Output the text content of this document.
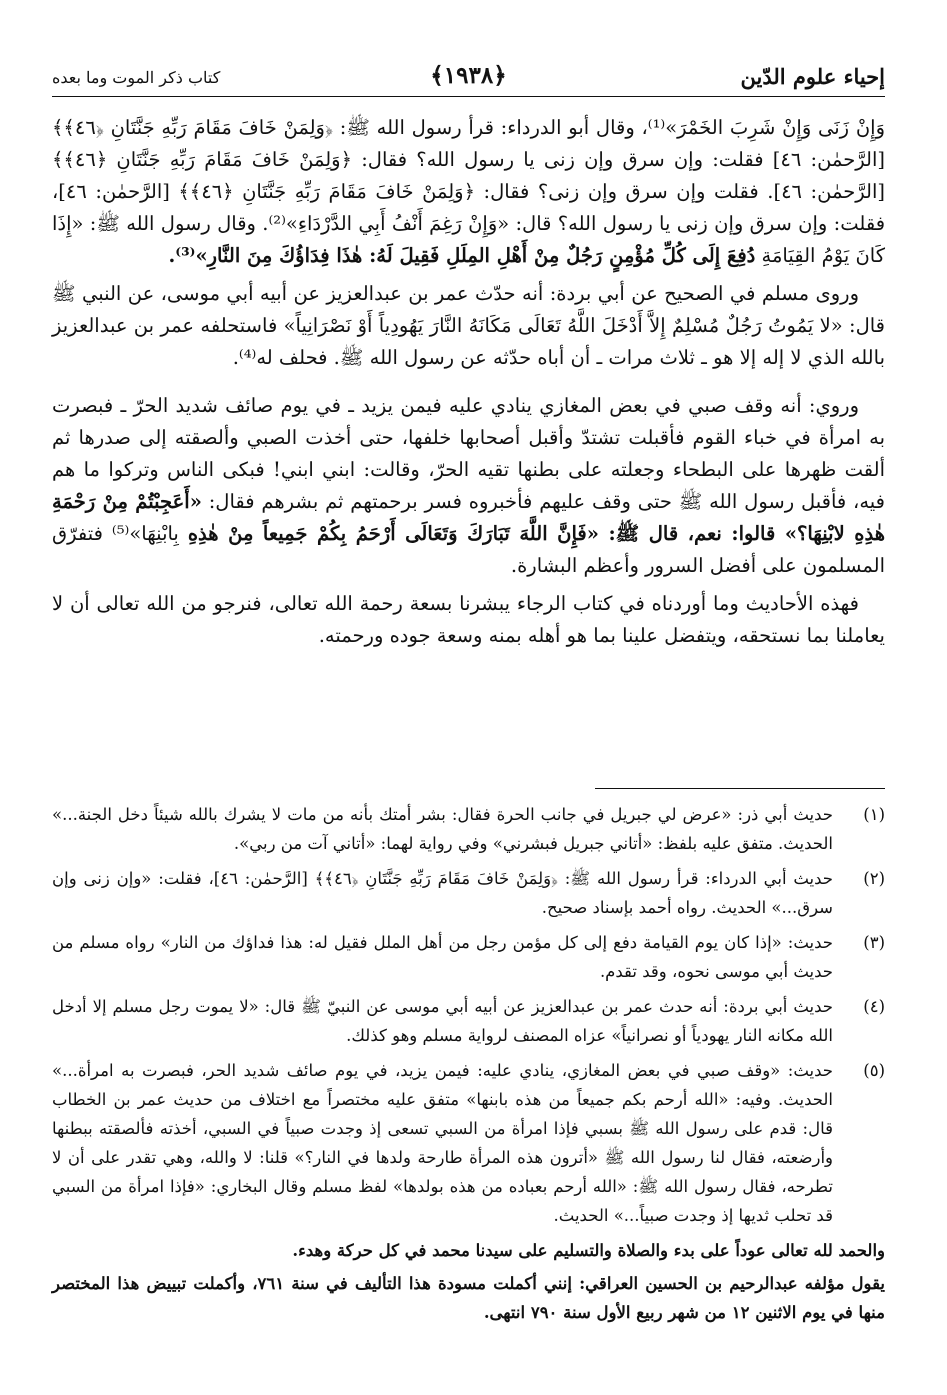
إحياء علوم الدّين
﴿١٩٣٨﴾
كتاب ذكر الموت وما بعده

وَإِنْ زَنَى وَإِنْ شَرِبَ الخَمْرَ»⁽¹⁾، وقال أبو الدرداء: قرأ رسول الله ﷺ: ﴿وَلِمَنْ خَافَ مَقَامَ رَبِّهِ جَنَّتَانِ ﴿٤٦﴾﴾ [الرَّحمٰن: ٤٦] فقلت: وإن سرق وإن زنى يا رسول الله؟ فقال: ﴿وَلِمَنْ خَافَ مَقَامَ رَبِّهِ جَنَّتَانِ ﴿٤٦﴾﴾ [الرَّحمٰن: ٤٦]. فقلت وإن سرق وإن زنى؟ فقال: ﴿وَلِمَنْ خَافَ مَقَامَ رَبِّهِ جَنَّتَانِ ﴿٤٦﴾﴾ [الرَّحمٰن: ٤٦]، فقلت: وإن سرق وإن زنى يا رسول الله؟ قال: «وَإِنْ رَغِمَ أَنْفُ أَبِي الدَّرْدَاءِ»⁽²⁾. وقال رسول الله ﷺ: «إِذَا كَانَ يَوْمُ القِيَامَةِ دُفِعَ إِلَى كُلِّ مُؤْمِنٍ رَجُلٌ مِنْ أَهْلِ المِلَلِ فَقِيلَ لَهُ: هٰذَا فِدَاؤُكَ مِنَ النَّارِ»⁽³⁾.

وروى مسلم في الصحيح عن أبي بردة: أنه حدّث عمر بن عبدالعزيز عن أبيه أبي موسى، عن النبي ﷺ قال: «لا يَمُوتُ رَجُلٌ مُسْلِمٌ إِلاَّ أَدْخَلَ اللَّهُ تَعَالَى مَكَانَهُ النَّارَ يَهُودِياً أَوْ نَصْرَانِياً» فاستحلفه عمر بن عبدالعزيز بالله الذي لا إله إلا هو ـ ثلاث مرات ـ أن أباه حدّثه عن رسول الله ﷺ. فحلف له⁽⁴⁾.

وروي: أنه وقف صبي في بعض المغازي ينادي عليه فيمن يزيد ـ في يوم صائف شديد الحرّ ـ فبصرت به امرأة في خباء القوم فأقبلت تشتدّ وأقبل أصحابها خلفها، حتى أخذت الصبي وألصقته إلى صدرها ثم ألقت ظهرها على البطحاء وجعلته على بطنها تقيه الحرّ، وقالت: ابني ابني! فبكى الناس وتركوا ما هم فيه، فأقبل رسول الله ﷺ حتى وقف عليهم فأخبروه فسر برحمتهم ثم بشرهم فقال: «أَعَجِبْتُمْ مِنْ رَحْمَةِ هٰذِهِ لابْنِهَا؟» قالوا: نعم، قال ﷺ: «فَإِنَّ اللَّهَ تَبَارَكَ وَتَعَالَى أَرْحَمُ بِكُمْ جَمِيعاً مِنْ هٰذِهِ بِابْنِهَا»⁽⁵⁾ فتفرّق المسلمون على أفضل السرور وأعظم البشارة.

فهذه الأحاديث وما أوردناه في كتاب الرجاء يبشرنا بسعة رحمة الله تعالى، فنرجو من الله تعالى أن لا يعاملنا بما نستحقه، ويتفضل علينا بما هو أهله بمنه وسعة جوده ورحمته.

(١)
حديث أبي ذر: «عرض لي جبريل في جانب الحرة فقال: بشر أمتك بأنه من مات لا يشرك بالله شيئاً دخل الجنة...» الحديث. متفق عليه بلفظ: «أتاني جبريل فبشرني» وفي رواية لهما: «أتاني آت من ربي».
(٢)
حديث أبي الدرداء: قرأ رسول الله ﷺ: ﴿وَلِمَنْ خَافَ مَقَامَ رَبِّهِ جَنَّتَانِ ﴿٤٦﴾﴾ [الرَّحمٰن: ٤٦]، فقلت: «وإن زنى وإن سرق...» الحديث. رواه أحمد بإسناد صحيح.
(٣)
حديث: «إذا كان يوم القيامة دفع إلى كل مؤمن رجل من أهل الملل فقيل له: هذا فداؤك من النار» رواه مسلم من حديث أبي موسى نحوه، وقد تقدم.
(٤)
حديث أبي بردة: أنه حدث عمر بن عبدالعزيز عن أبيه أبي موسى عن النبيّ ﷺ قال: «لا يموت رجل مسلم إلا أدخل الله مكانه النار يهودياً أو نصرانياً» عزاه المصنف لرواية مسلم وهو كذلك.
(٥)
حديث: «وقف صبي في بعض المغازي، ينادي عليه: فيمن يزيد، في يوم صائف شديد الحر، فبصرت به امرأة...» الحديث. وفيه: «الله أرحم بكم جميعاً من هذه بابنها» متفق عليه مختصراً مع اختلاف من حديث عمر بن الخطاب قال: قدم على رسول الله ﷺ بسبي فإذا امرأة من السبي تسعى إذ وجدت صبياً في السبي، أخذته فألصقته ببطنها وأرضعته، فقال لنا رسول الله ﷺ «أترون هذه المرأة طارحة ولدها في النار؟» قلنا: لا والله، وهي تقدر على أن لا تطرحه، فقال رسول الله ﷺ: «الله أرحم بعباده من هذه بولدها» لفظ مسلم وقال البخاري: «فإذا امرأة من السبي قد تحلب ثديها إذ وجدت صبياً...» الحديث.

والحمد لله تعالى عوداً على بدء والصلاة والتسليم على سيدنا محمد في كل حركة وهدء.

يقول مؤلفه عبدالرحيم بن الحسين العراقي: إنني أكملت مسودة هذا التأليف في سنة ٧٦١، وأكملت تبييض هذا المختصر منها في يوم الاثنين ١٢ من شهر ربيع الأول سنة ٧٩٠ انتهى.
